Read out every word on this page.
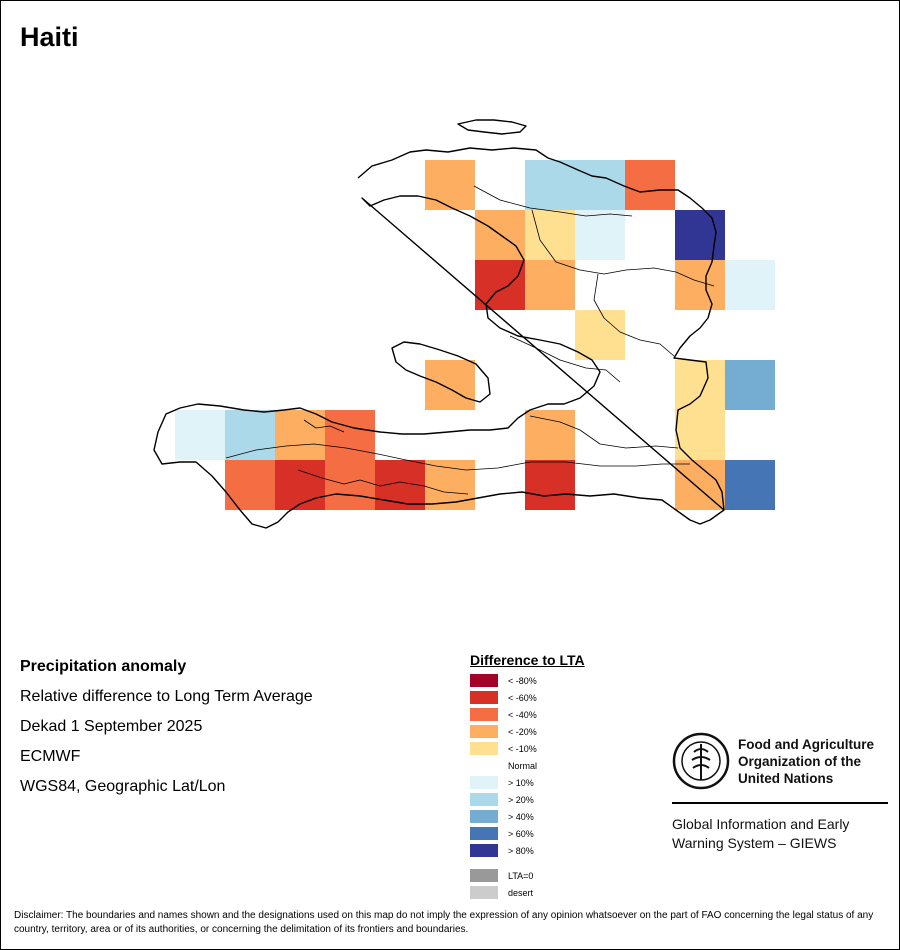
Haiti
Precipitation anomaly
Relative difference to Long Term Average
Dekad 1 September 2025
ECMWF
WGS84, Geographic Lat/Lon
Difference to LTA
< -80%
< -60%
< -40%
< -20%
< -10%
Normal
> 10%
> 20%
> 40%
> 60%
> 80%
LTA=0
desert
Food and Agriculture
Organization of the
United Nations
Global Information and Early
Warning System – GIEWS
Disclaimer: The boundaries and names shown and the designations used on this map do not imply the expression of any opinion whatsoever on the part of FAO concerning the legal status of any country, territory, area or of its authorities, or concerning the delimitation of its frontiers and boundaries.
